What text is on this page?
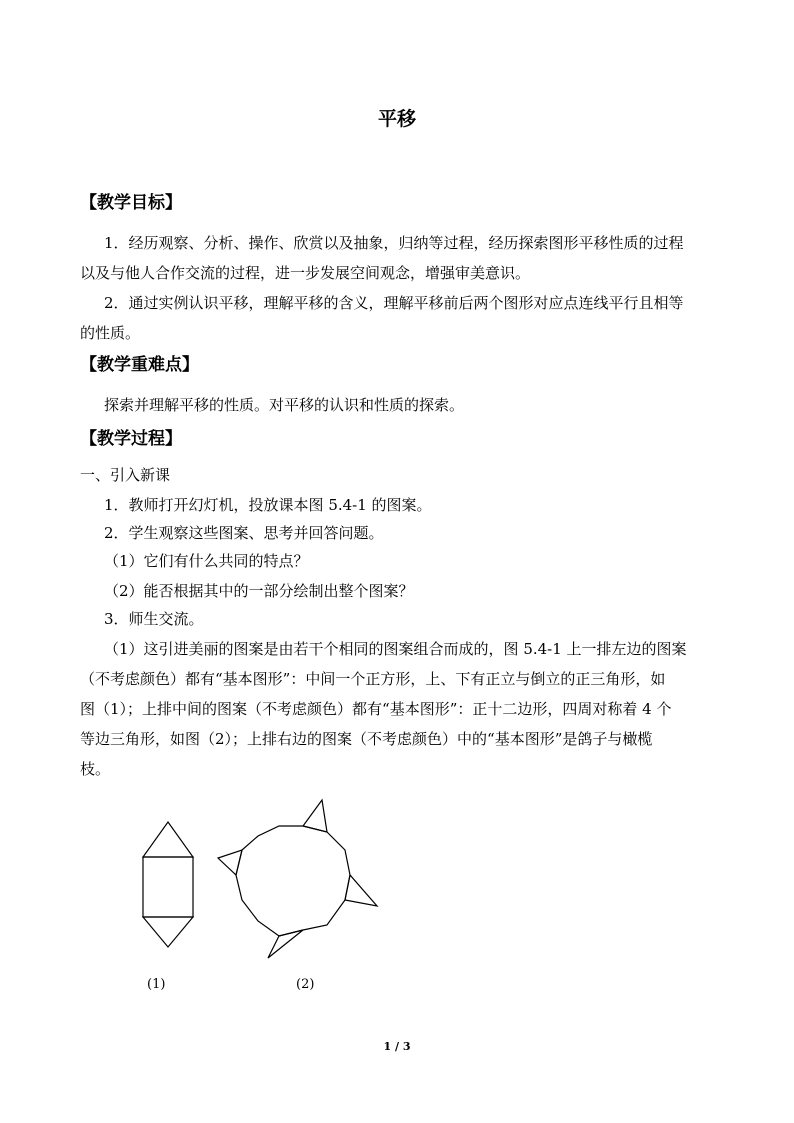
平移
【教学目标】
1．经历观察、分析、操作、欣赏以及抽象，归纳等过程，经历探索图形平移性质的过程
以及与他人合作交流的过程，进一步发展空间观念，增强审美意识。
2．通过实例认识平移，理解平移的含义，理解平移前后两个图形对应点连线平行且相等
的性质。
【教学重难点】
探索并理解平移的性质。对平移的认识和性质的探索。
【教学过程】
一、引入新课
1．教师打开幻灯机，投放课本图 5.4-1 的图案。
2．学生观察这些图案、思考并回答问题。
（1）它们有什么共同的特点？
（2）能否根据其中的一部分绘制出整个图案？
3．师生交流。
（1）这引进美丽的图案是由若干个相同的图案组合而成的，图 5.4-1 上一排左边的图案
（不考虑颜色）都有“基本图形”：中间一个正方形，上、下有正立与倒立的正三角形，如
图（1）；上排中间的图案（不考虑颜色）都有“基本图形”：正十二边形，四周对称着 4 个
等边三角形，如图（2）；上排右边的图案（不考虑颜色）中的“基本图形”是鸽子与橄榄
枝。
(1)	(2)
1 / 3
